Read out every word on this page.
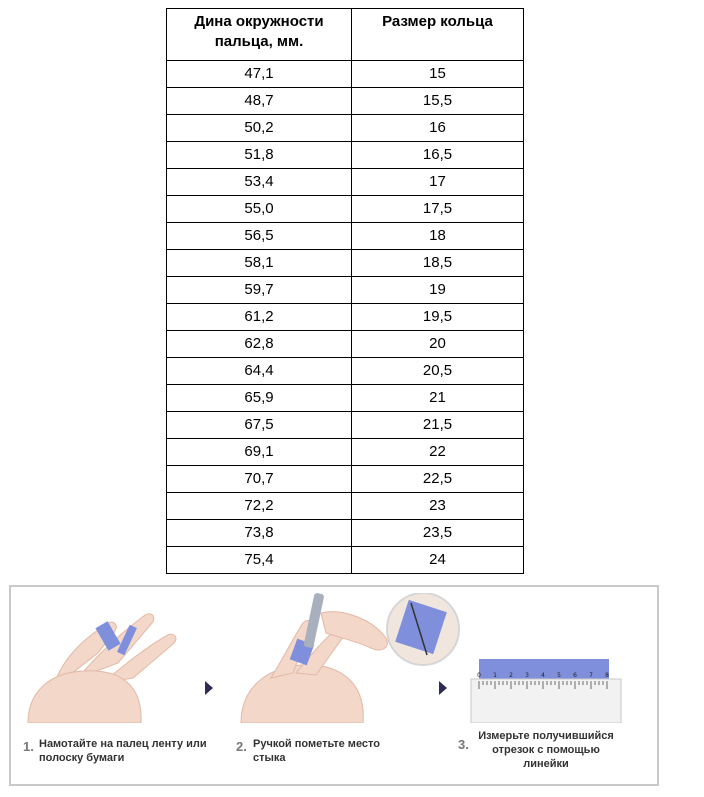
Дина окружности пальца, мм.	Размер кольца
47,1	15
48,7	15,5
50,2	16
51,8	16,5
53,4	17
55,0	17,5
56,5	18
58,1	18,5
59,7	19
61,2	19,5
62,8	20
64,4	20,5
65,9	21
67,5	21,5
69,1	22
70,7	22,5
72,2	23
73,8	23,5
75,4	24
1. Намотайте на палец ленту или полоску бумаги
2. Ручкой пометьте место стыка
0 1 2 3 4 5 6 7 8
3.
Измерьте получившийся отрезок с помощью линейки
